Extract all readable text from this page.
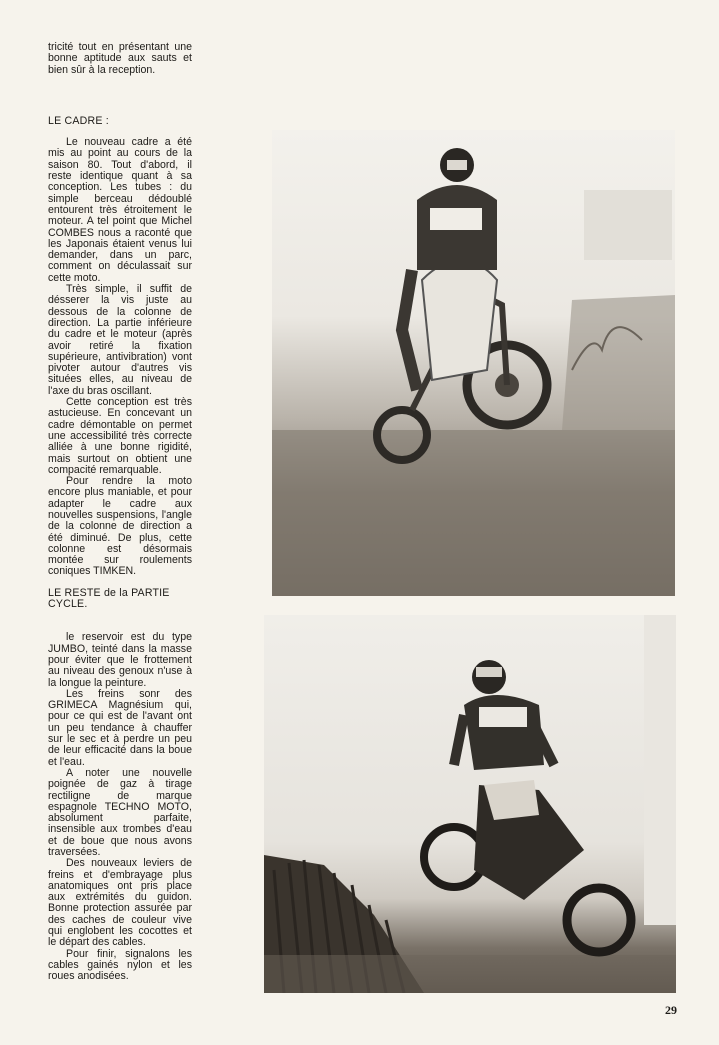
tricité tout en présentant une bonne aptitude aux sauts et bien sûr à la reception.

LE CADRE :

Le nouveau cadre a été mis au point au cours de la saison 80. Tout d'abord, il reste identique quant à sa conception. Les tubes : du simple berceau dédoublé entourent très étroitement le moteur. A tel point que Michel COMBES nous a raconté que les Japonais étaient venus lui demander, dans un parc, comment on déculassait sur cette moto.

Très simple, il suffit de désserer la vis juste au dessous de la colonne de direction. La partie inférieure du cadre et le moteur (après avoir retiré la fixation supérieure, antivibration) vont pivoter autour d'autres vis situées elles, au niveau de l'axe du bras oscillant.

Cette conception est très astucieuse. En concevant un cadre démontable on permet une accessibilité très correcte alliée à une bonne rigidité, mais surtout on obtient une compacité remarquable.

Pour rendre la moto encore plus maniable, et pour adapter le cadre aux nouvelles suspensions, l'angle de la colonne de direction a été diminué. De plus, cette colonne est désormais montée sur roulements coniques TIMKEN.

LE RESTE de la PARTIE CYCLE.

le reservoir est du type JUMBO, teinté dans la masse pour éviter que le frottement au niveau des genoux n'use à la longue la peinture.

Les freins sonr des GRIMECA Magnésium qui, pour ce qui est de l'avant ont un peu tendance à chauffer sur le sec et à perdre un peu de leur efficacité dans la boue et l'eau.

A noter une nouvelle poignée de gaz à tirage rectiligne de marque espagnole TECHNO MOTO, absolument parfaite, insensible aux trombes d'eau et de boue que nous avons traversées.

Des nouveaux leviers de freins et d'embrayage plus anatomiques ont pris place aux extrémités du guidon. Bonne protection assurée par des caches de couleur vive qui englobent les cocottes et le départ des cables.

Pour finir, signalons les cables gainés nylon et les roues anodisées.

29
